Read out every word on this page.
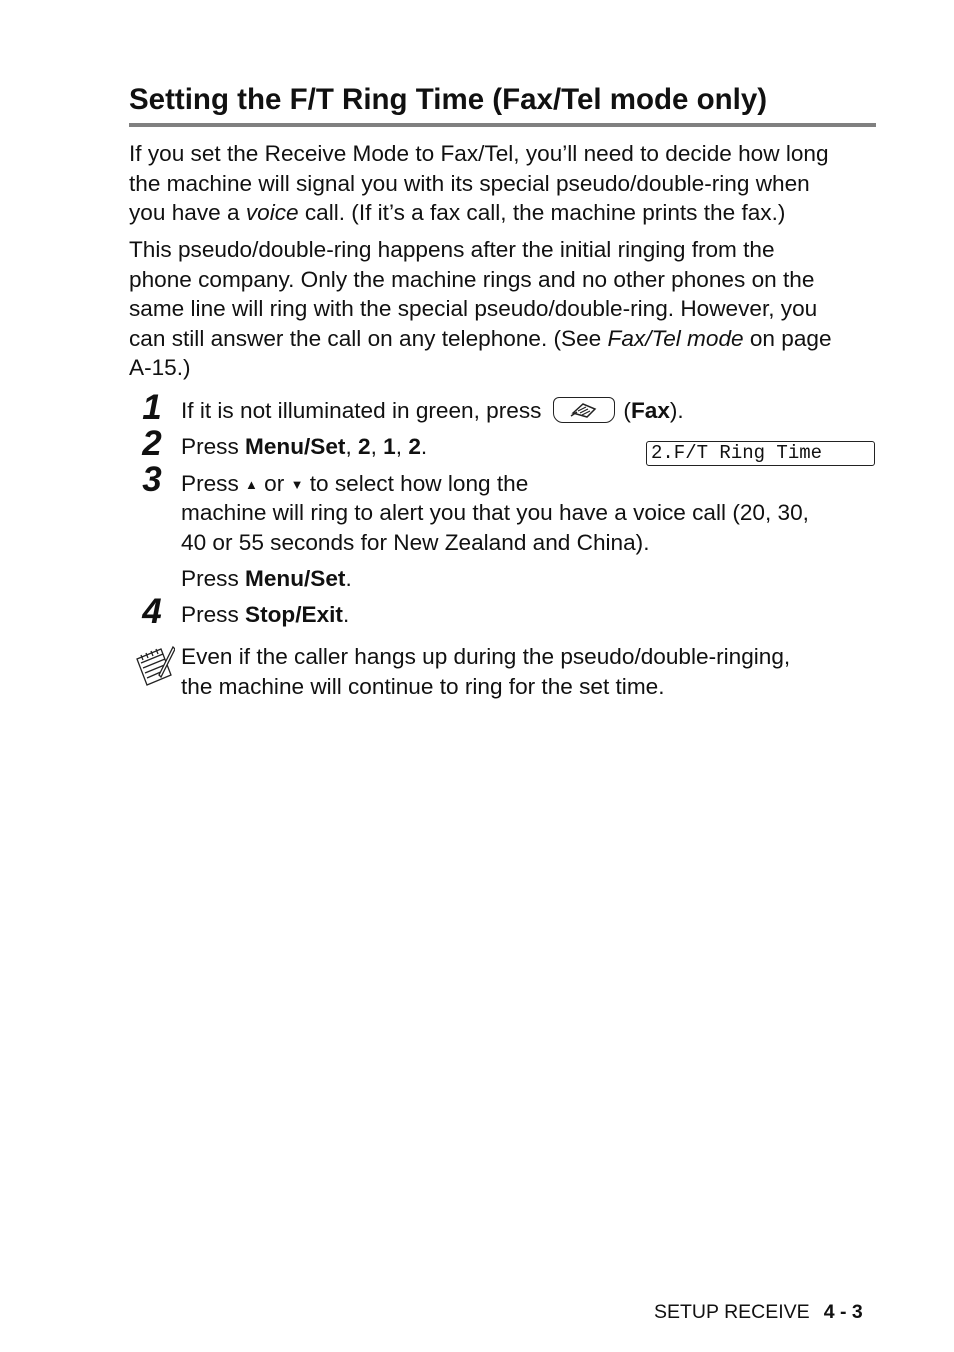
Setting the F/T Ring Time (Fax/Tel mode only)
If you set the Receive Mode to Fax/Tel, you’ll need to decide how long
the machine will signal you with its special pseudo/double-ring when
you have a voice call. (If it’s a fax call, the machine prints the fax.)
This pseudo/double-ring happens after the initial ringing from the
phone company. Only the machine rings and no other phones on the
same line will ring with the special pseudo/double-ring. However, you
can still answer the call on any telephone. (See Fax/Tel mode on page
A-15.)
1 If it is not illuminated in green, press	(Fax).
2 Press Menu/Set, 2, 1, 2.	2.F/T Ring Time
3 Press ▲ or ▼ to select how long the
machine will ring to alert you that you have a voice call (20, 30,
40 or 55 seconds for New Zealand and China).
Press Menu/Set.
4 Press Stop/Exit.
Even if the caller hangs up during the pseudo/double-ringing,
the machine will continue to ring for the set time.
SETUP RECEIVE 4 - 3
